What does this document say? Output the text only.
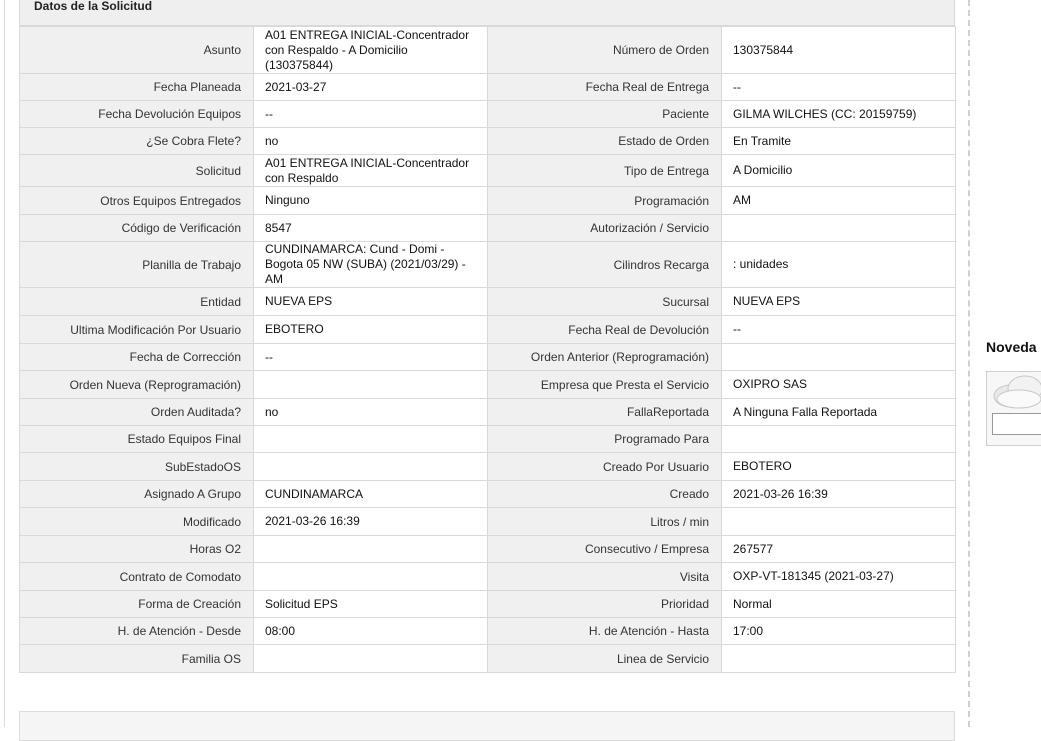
Datos de la Solicitud
Asunto	A01 ENTREGA INICIAL-Concentrador con Respaldo - A Domicilio (130375844)	Número de Orden	130375844
Fecha Planeada	2021-03-27	Fecha Real de Entrega	--
Fecha Devolución Equipos	--	Paciente	GILMA WILCHES (CC: 20159759)
¿Se Cobra Flete?	no	Estado de Orden	En Tramite
Solicitud	A01 ENTREGA INICIAL-Concentrador con Respaldo	Tipo de Entrega	A Domicilio
Otros Equipos Entregados	Ninguno	Programación	AM
Código de Verificación	8547	Autorización / Servicio	
Planilla de Trabajo	CUNDINAMARCA: Cund - Domi - Bogota 05 NW (SUBA) (2021/03/29) - AM	Cilindros Recarga	: unidades
Entidad	NUEVA EPS	Sucursal	NUEVA EPS
Ultima Modificación Por Usuario	EBOTERO	Fecha Real de Devolución	--
Fecha de Corrección	--	Orden Anterior (Reprogramación)	
Orden Nueva (Reprogramación)		Empresa que Presta el Servicio	OXIPRO SAS
Orden Auditada?	no	FallaReportada	A Ninguna Falla Reportada
Estado Equipos Final		Programado Para	
SubEstadoOS		Creado Por Usuario	EBOTERO
Asignado A Grupo	CUNDINAMARCA	Creado	2021-03-26 16:39
Modificado	2021-03-26 16:39	Litros / min	
Horas O2		Consecutivo / Empresa	267577
Contrato de Comodato		Visita	OXP-VT-181345 (2021-03-27)
Forma de Creación	Solicitud EPS	Prioridad	Normal
H. de Atención - Desde	08:00	H. de Atención - Hasta	17:00
Familia OS		Linea de Servicio	
Noveda
